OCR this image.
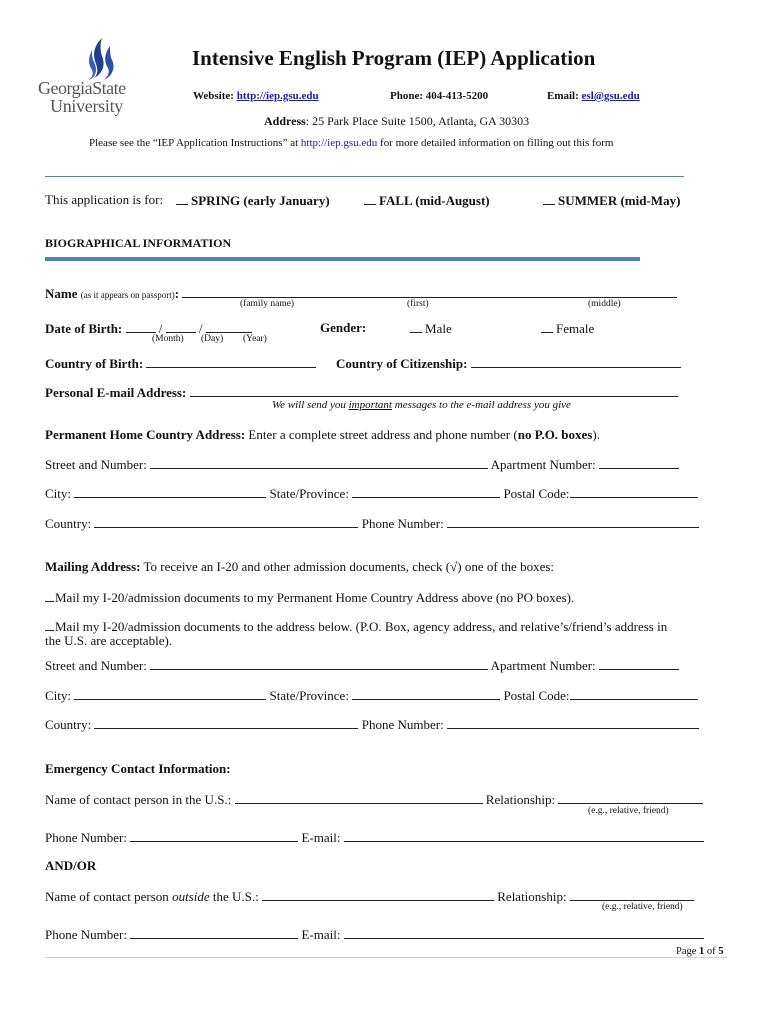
GeorgiaState
University
Intensive English Program (IEP) Application
Website: http://iep.gsu.edu	Phone: 404-413-5200	Email: esl@gsu.edu
Address: 25 Park Place Suite 1500, Atlanta, GA 30303
Please see the “IEP Application Instructions” at http://iep.gsu.edu for more detailed information on filling out this form
This application is for:	SPRING (early January)	FALL (mid-August)	SUMMER (mid-May)
BIOGRAPHICAL INFORMATION
Name (as it appears on passport):
(family name)	(first)	(middle)
Date of Birth:	/  /
(Month) (Day) (Year)
Gender:	Male	Female
Country of Birth:	Country of Citizenship:
Personal E-mail Address:
We will send you important messages to the e-mail address you give
Permanent Home Country Address: Enter a complete street address and phone number (no P.O. boxes).
Street and Number:	Apartment Number:
City:	State/Province:	Postal Code:
Country:	Phone Number:
Mailing Address: To receive an I-20 and other admission documents, check (√) one of the boxes:
Mail my I-20/admission documents to my Permanent Home Country Address above (no PO boxes).
Mail my I-20/admission documents to the address below. (P.O. Box, agency address, and relative’s/friend’s address in
the U.S. are acceptable).
Street and Number:	Apartment Number:
City:	State/Province:	Postal Code:
Country:	Phone Number:
Emergency Contact Information:
Name of contact person in the U.S.:	Relationship:
(e.g., relative, friend)
Phone Number:	E-mail:
AND/OR
Name of contact person outside the U.S.:	Relationship:
(e.g., relative, friend)
Phone Number:	E-mail:
Page 1 of 5
